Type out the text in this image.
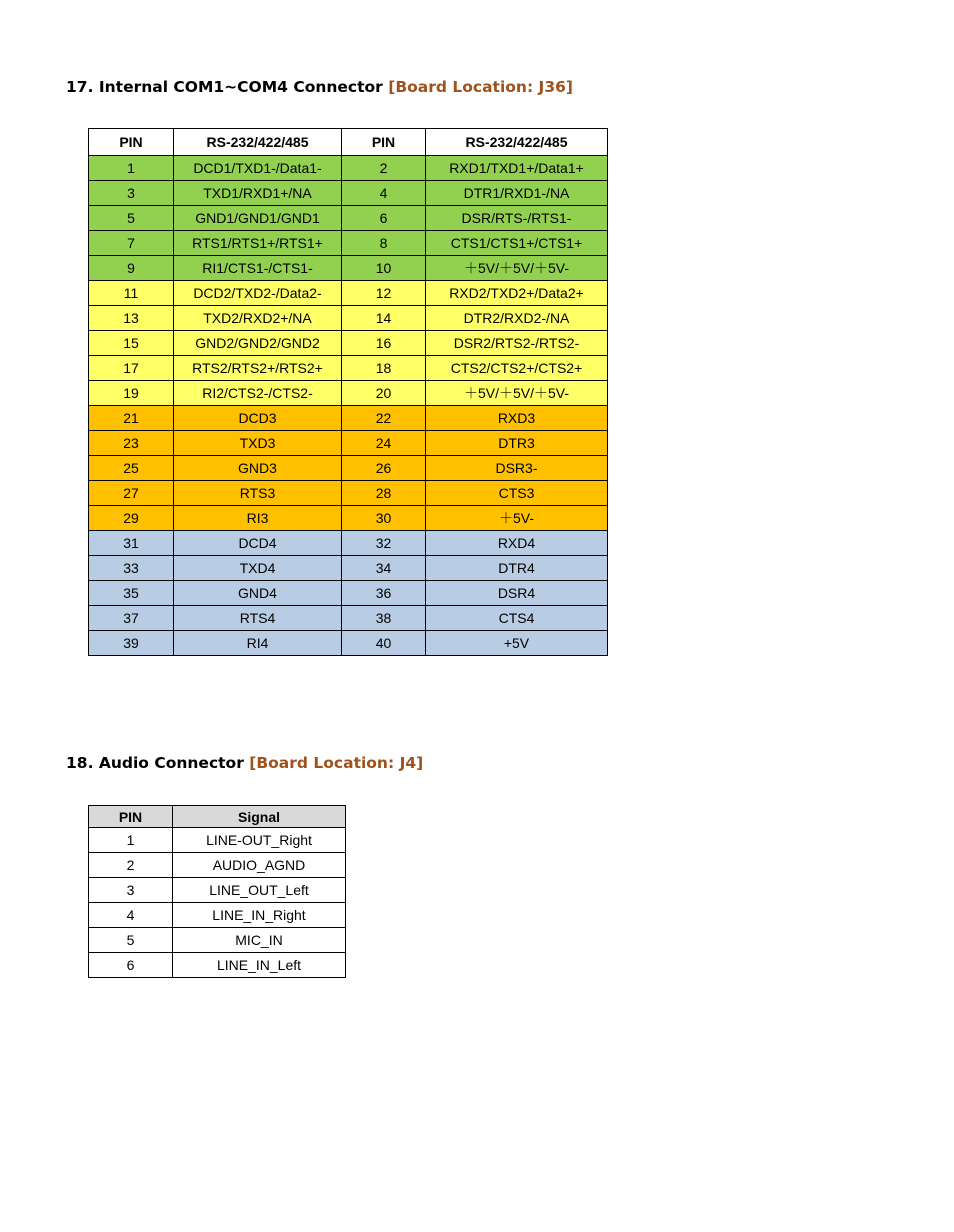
17. Internal COM1~COM4 Connector [Board Location: J36]
PIN	RS-232/422/485	PIN	RS-232/422/485
1	DCD1/TXD1-/Data1-	2	RXD1/TXD1+/Data1+
3	TXD1/RXD1+/NA	4	DTR1/RXD1-/NA
5	GND1/GND1/GND1	6	DSR/RTS-/RTS1-
7	RTS1/RTS1+/RTS1+	8	CTS1/CTS1+/CTS1+
9	RI1/CTS1-/CTS1-	10	＋5V/＋5V/＋5V-
11	DCD2/TXD2-/Data2-	12	RXD2/TXD2+/Data2+
13	TXD2/RXD2+/NA	14	DTR2/RXD2-/NA
15	GND2/GND2/GND2	16	DSR2/RTS2-/RTS2-
17	RTS2/RTS2+/RTS2+	18	CTS2/CTS2+/CTS2+
19	RI2/CTS2-/CTS2-	20	＋5V/＋5V/＋5V-
21	DCD3	22	RXD3
23	TXD3	24	DTR3
25	GND3	26	DSR3-
27	RTS3	28	CTS3
29	RI3	30	＋5V-
31	DCD4	32	RXD4
33	TXD4	34	DTR4
35	GND4	36	DSR4
37	RTS4	38	CTS4
39	RI4	40	+5V
18. Audio Connector [Board Location: J4]
PIN	Signal
1	LINE-OUT_Right
2	AUDIO_AGND
3	LINE_OUT_Left
4	LINE_IN_Right
5	MIC_IN
6	LINE_IN_Left
